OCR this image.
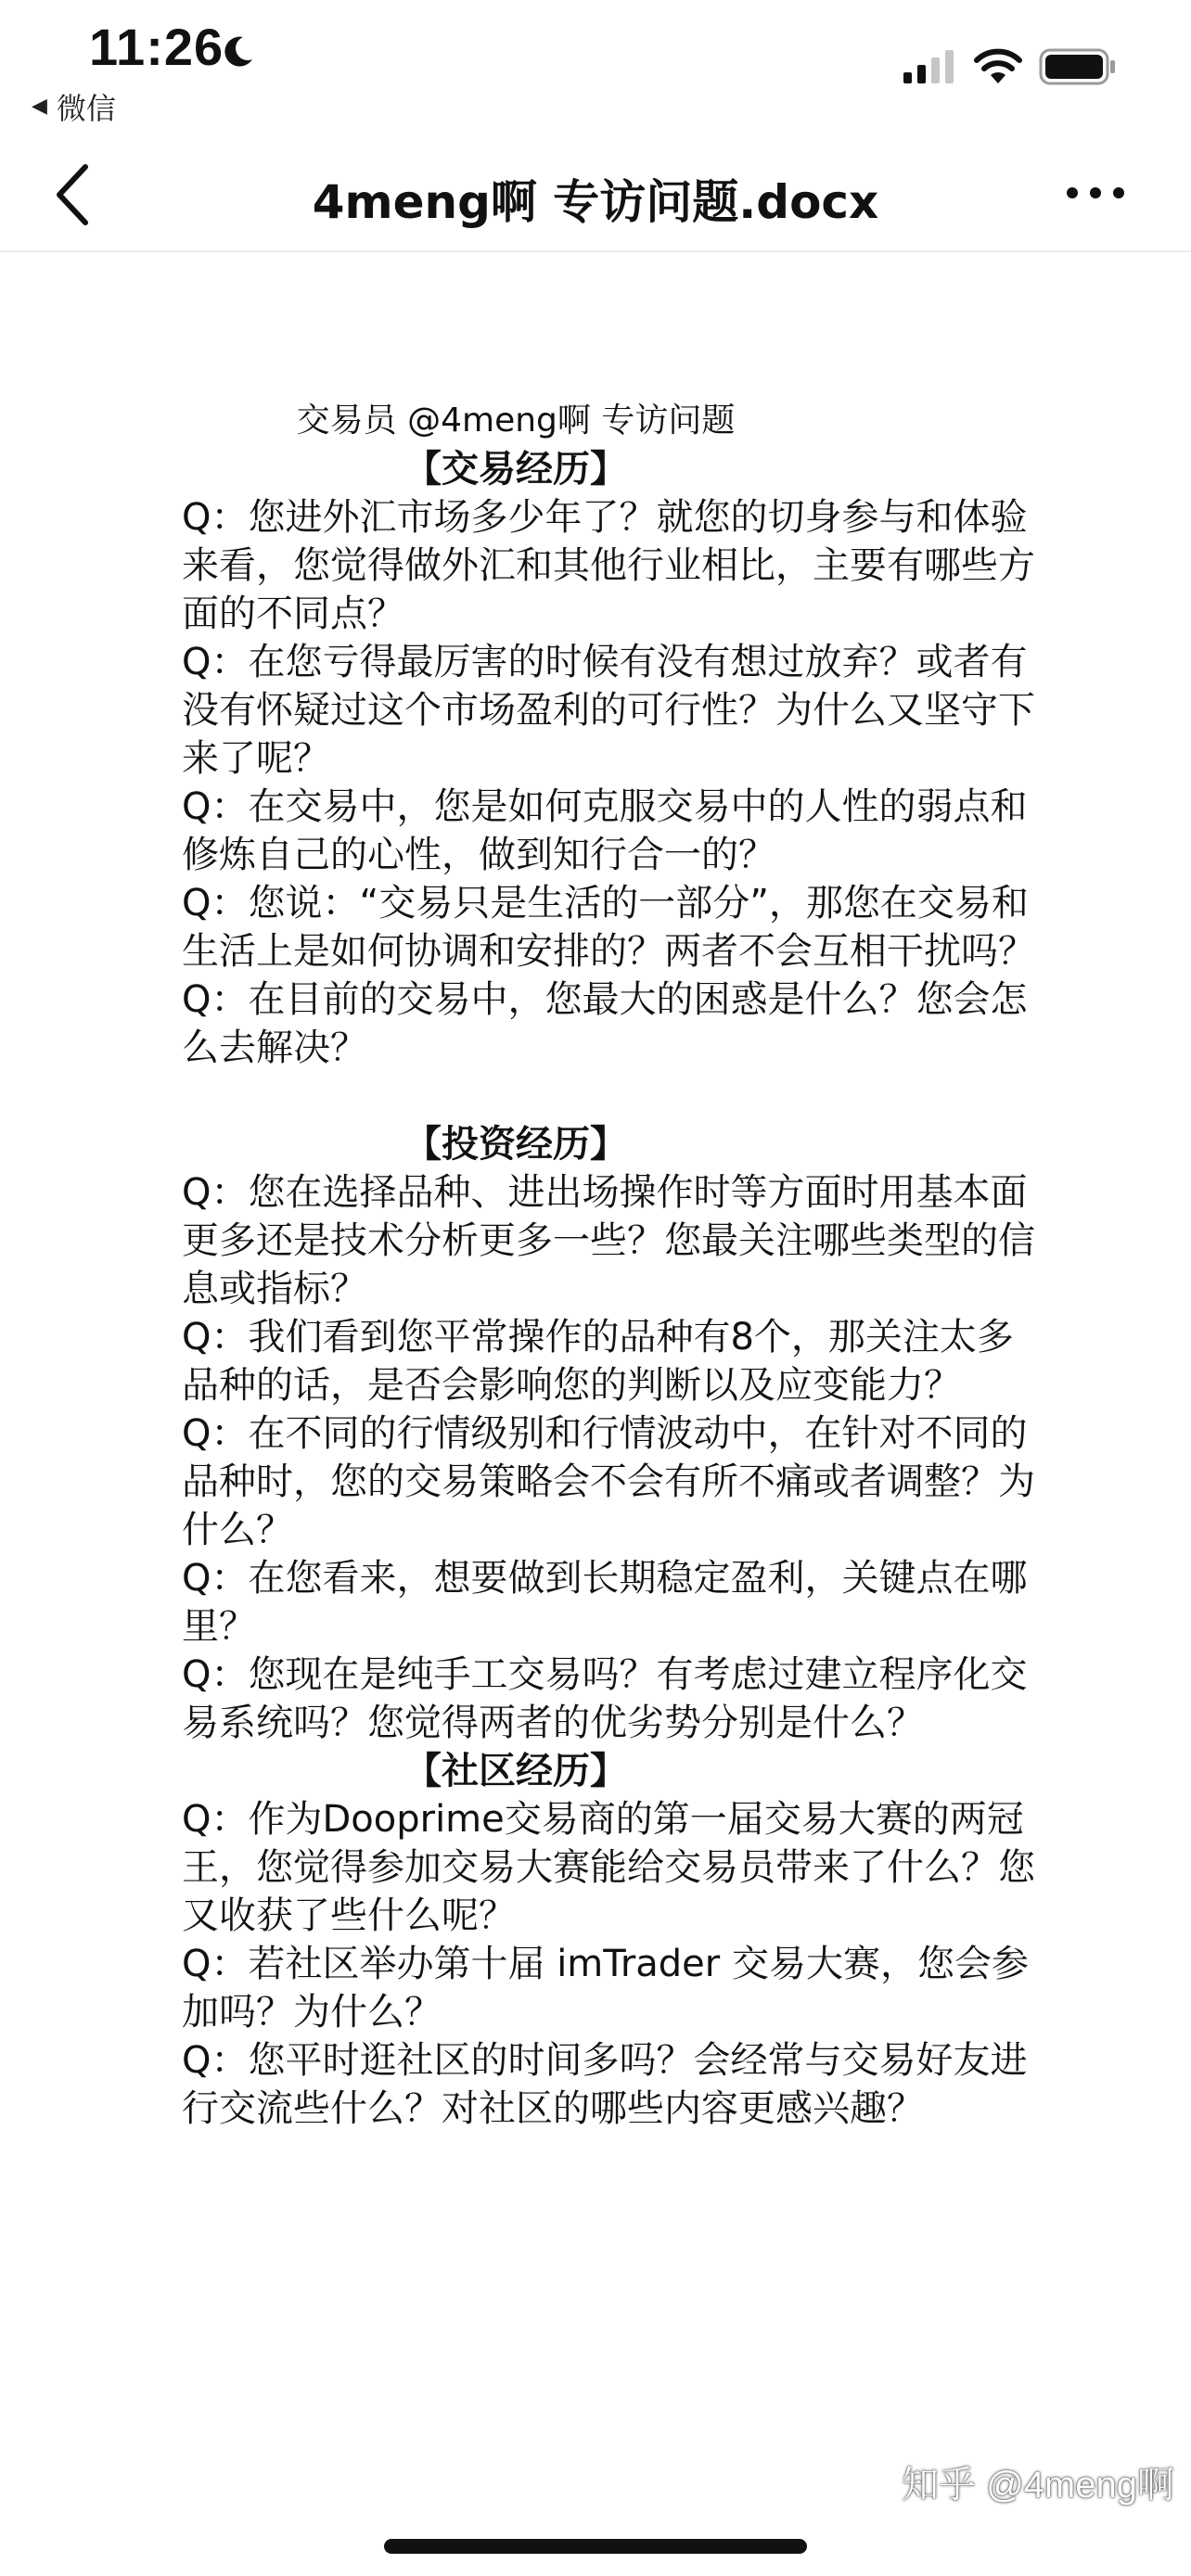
11:26
◀ 微信
4meng啊 专访问题.docx
交易员 @4meng啊 专访问题
【交易经历】
Q：您进外汇市场多少年了？就您的切身参与和体验来看，您觉得做外汇和其他行业相比，主要有哪些方面的不同点？
Q：在您亏得最厉害的时候有没有想过放弃？或者有没有怀疑过这个市场盈利的可行性？为什么又坚守下来了呢？
Q：在交易中，您是如何克服交易中的人性的弱点和修炼自己的心性，做到知行合一的？
Q：您说：“交易只是生活的一部分”，那您在交易和生活上是如何协调和安排的？两者不会互相干扰吗？
Q：在目前的交易中，您最大的困惑是什么？您会怎么去解决？
【投资经历】
Q：您在选择品种、进出场操作时等方面时用基本面更多还是技术分析更多一些？您最关注哪些类型的信息或指标？
Q：我们看到您平常操作的品种有8个，那关注太多品种的话，是否会影响您的判断以及应变能力？
Q：在不同的行情级别和行情波动中，在针对不同的品种时，您的交易策略会不会有所不痛或者调整？为什么？
Q：在您看来，想要做到长期稳定盈利，关键点在哪里？
Q：您现在是纯手工交易吗？有考虑过建立程序化交易系统吗？您觉得两者的优劣势分别是什么？
【社区经历】
Q：作为Dooprime交易商的第一届交易大赛的两冠王，您觉得参加交易大赛能给交易员带来了什么？您又收获了些什么呢？
Q：若社区举办第十届 imTrader 交易大赛，您会参加吗？为什么？
Q：您平时逛社区的时间多吗？会经常与交易好友进行交流些什么？对社区的哪些内容更感兴趣？
知乎 @4meng啊
